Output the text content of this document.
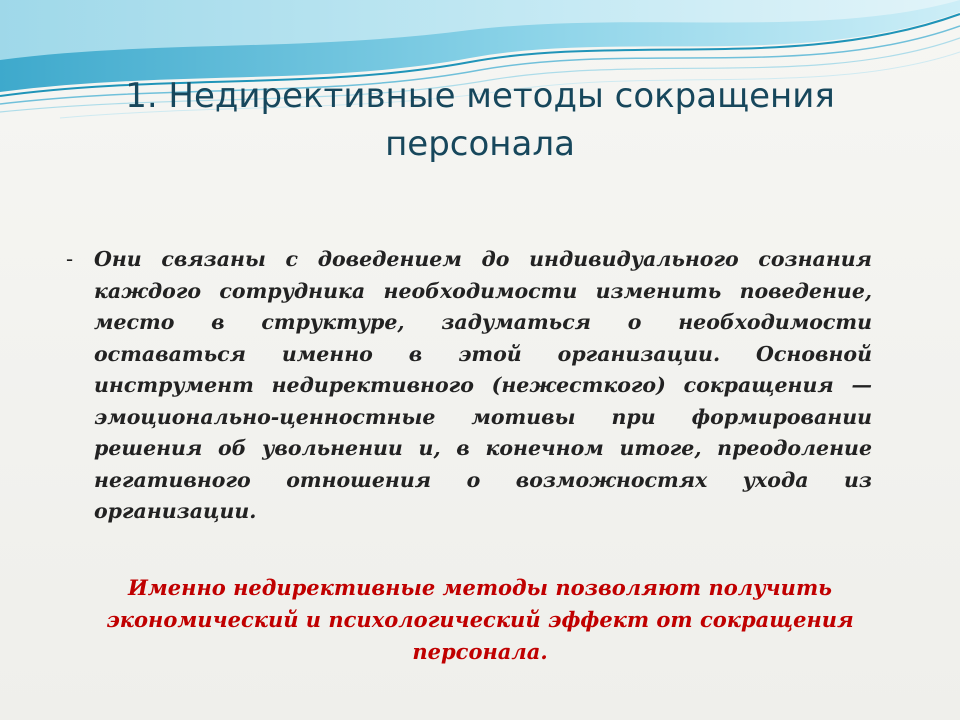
1. Недирективные методы сокращения
персонала
-	Они связаны с доведением до индивидуального сознания каждого сотрудника необходимости изменить поведение, место в структуре, задуматься о необходимости оставаться именно в этой организации. Основной инструмент недирективного (нежесткого) сокращения — эмоционально-ценностные мотивы при формировании решения об увольнении и, в конечном итоге, преодоление негативного отношения о возможностях ухода из организации.

Именно недирективные методы позволяют получить экономический и психологический эффект от сокращения персонала.
